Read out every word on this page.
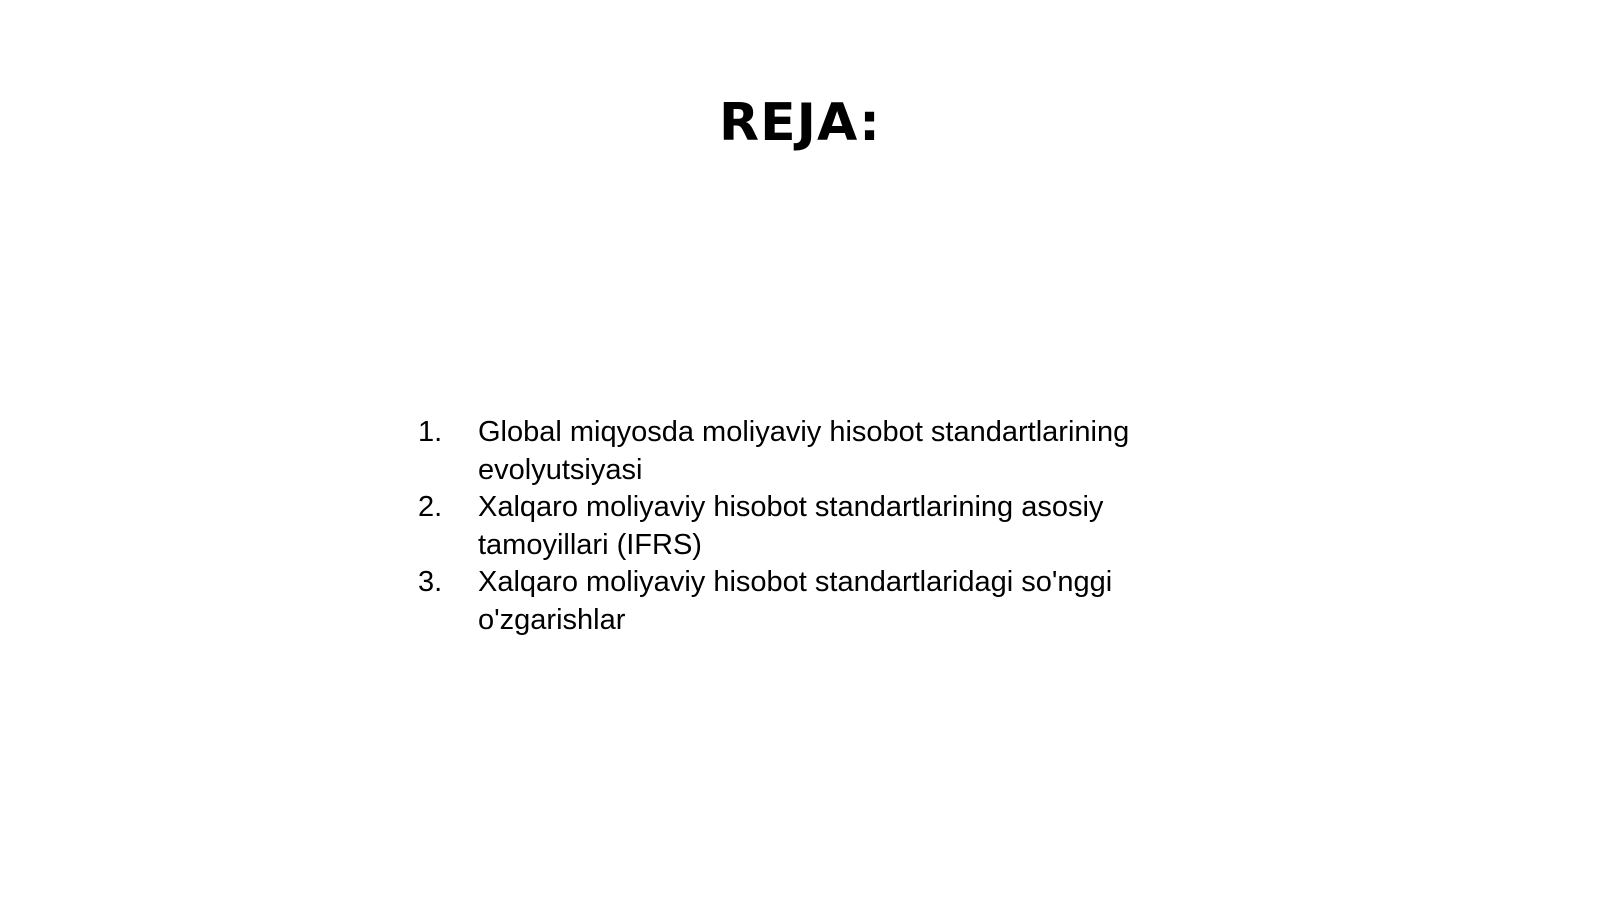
REJA:
1.	Global miqyosda moliyaviy hisobot standartlarining evolyutsiyasi
2.	Xalqaro moliyaviy hisobot standartlarining asosiy tamoyillari (IFRS)
3.	Xalqaro moliyaviy hisobot standartlaridagi so'nggi o'zgarishlar
